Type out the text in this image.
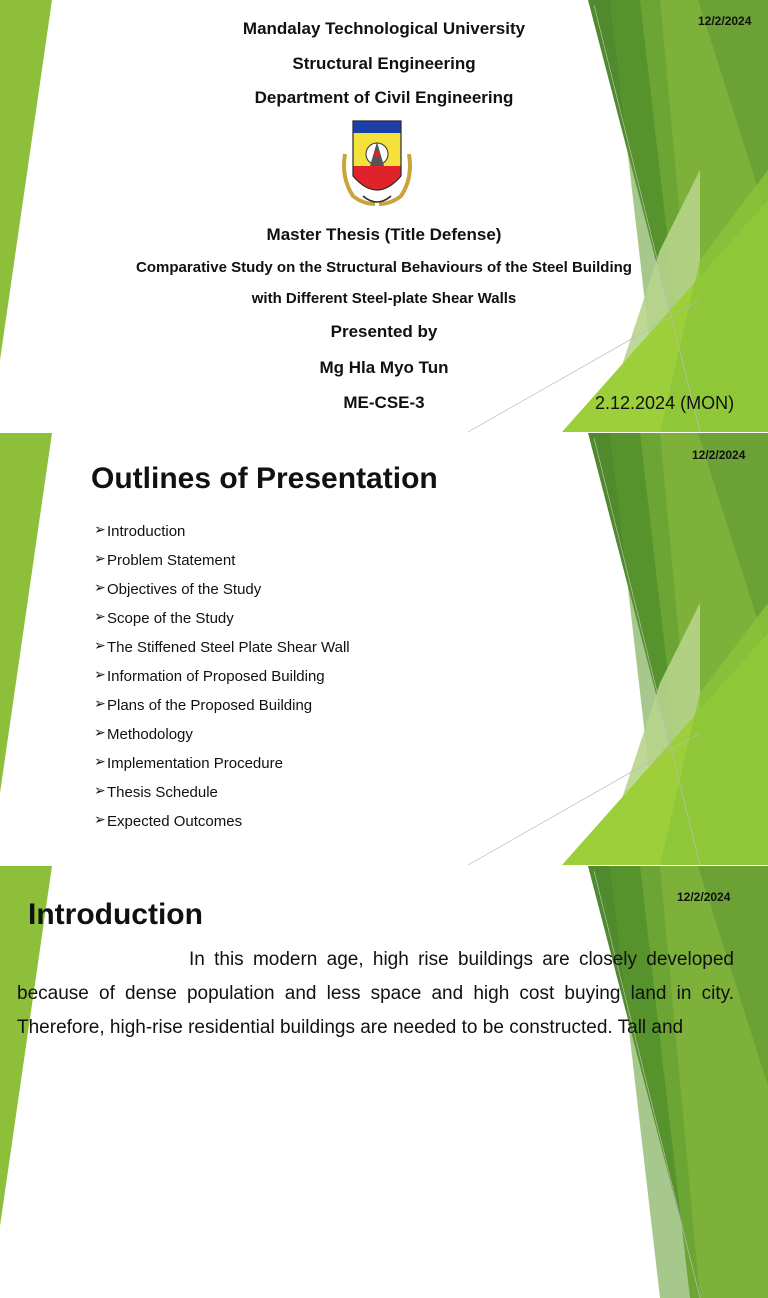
12/2/2024
Mandalay Technological University
Structural Engineering
Department of Civil Engineering
Master Thesis (Title Defense)
Comparative Study on the Structural Behaviours of the Steel Building
with Different Steel-plate Shear Walls
Presented by
Mg Hla Myo Tun
ME-CSE-3	2.12.2024 (MON)
12/2/2024
Outlines of Presentation
➢ Introduction
➢ Problem Statement
➢ Objectives of the Study
➢ Scope of the Study
➢ The Stiffened Steel Plate Shear Wall
➢ Information of Proposed Building
➢ Plans of the Proposed Building
➢ Methodology
➢ Implementation Procedure
➢ Thesis Schedule
➢ Expected Outcomes
12/2/2024
Introduction
In this modern age, high rise buildings are closely developed because of dense population and less space and high cost buying land in city. Therefore, high-rise residential buildings are needed to be constructed. Tall and
